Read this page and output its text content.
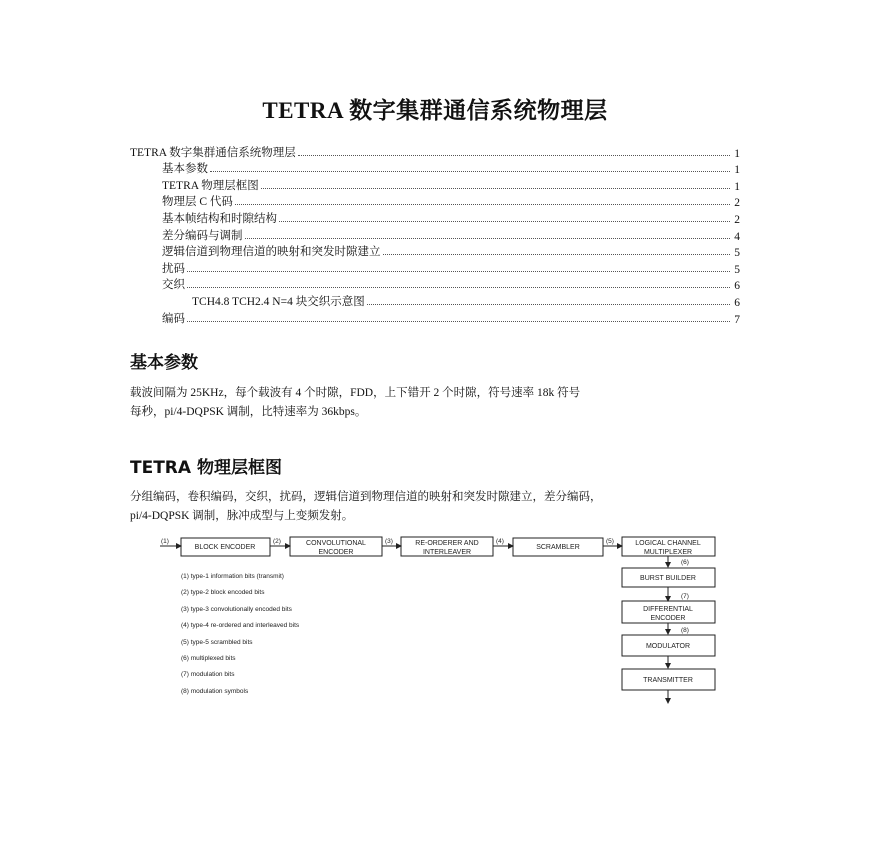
TETRA 数字集群通信系统物理层
TETRA 数字集群通信系统物理层	1
基本参数	1
TETRA 物理层框图	1
物理层 C 代码	2
基本帧结构和时隙结构	2
差分编码与调制	4
逻辑信道到物理信道的映射和突发时隙建立	5
扰码	5
交织	6
TCH4.8 TCH2.4 N=4 块交织示意图	6
编码	7
基本参数
载波间隔为 25KHz，每个载波有 4 个时隙，FDD，上下错开 2 个时隙，符号速率 18k 符号
每秒，pi/4-DQPSK 调制，比特速率为 36kbps。
TETRA 物理层框图
分组编码，卷积编码，交织，扰码，逻辑信道到物理信道的映射和突发时隙建立，差分编码，
pi/4-DQPSK 调制，脉冲成型与上变频发射。
BLOCK ENCODER
CONVOLUTIONAL
ENCODER
RE-ORDERER AND
INTERLEAVER
SCRAMBLER
LOGICAL CHANNEL
MULTIPLEXER
BURST BUILDER
DIFFERENTIAL
ENCODER
MODULATOR
TRANSMITTER
(1)	(2)	(3)	(4)	(5)
(6)
(7)
(8)
(1) type-1 information bits (transmit)
(2) type-2 block encoded bits
(3) type-3 convolutionally encoded bits
(4) type-4 re-ordered and interleaved bits
(5) type-5 scrambled bits
(6) multiplexed bits
(7) modulation bits
(8) modulation symbols
